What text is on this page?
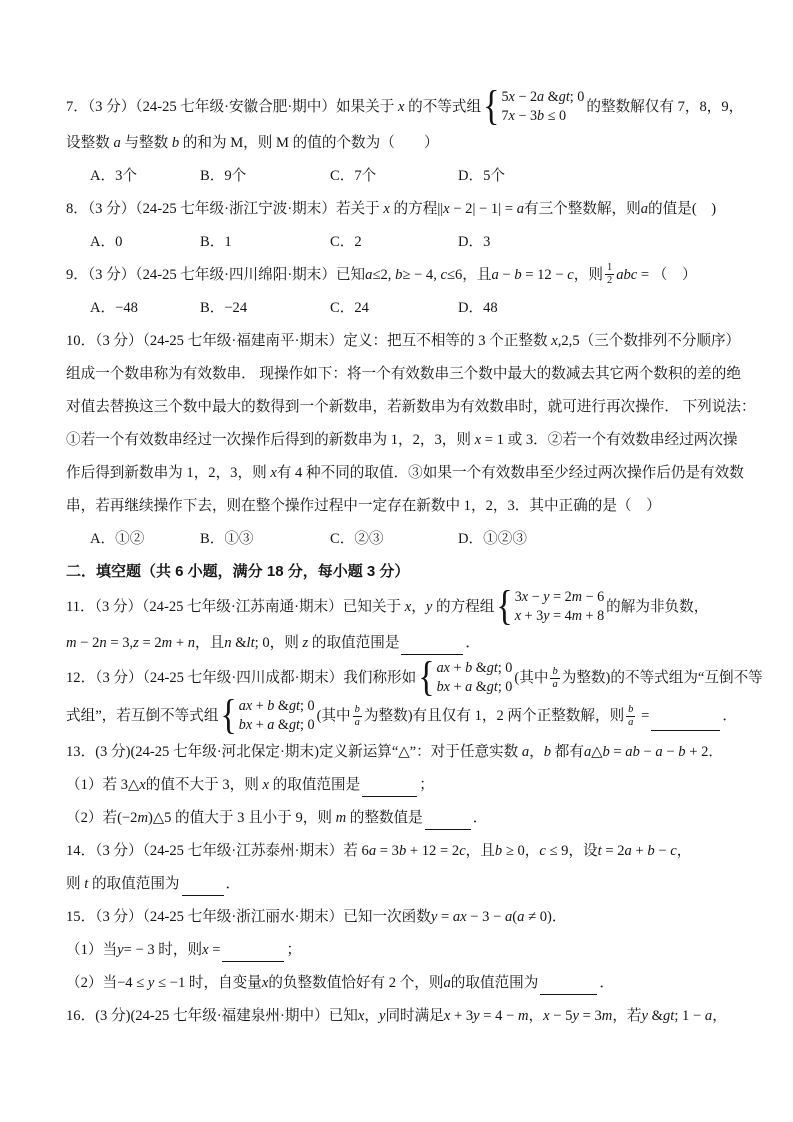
7．（3 分）（24-25 七年级·安徽合肥·期中）如果关于 x 的不等式组 { 5x − 2a &gt; 0
7x − 3b ≤ 0
的整数解仅有 7，8，9，
设整数 a 与整数 b 的和为 M，则 M 的值的个数为（　　）
A．3个	B．9个	C．7个	D．5个
8．（3 分）（24-25 七年级·浙江宁波·期末）若关于 x 的方程||x − 2| − 1| = a有三个整数解，则a的值是(　)
A．0	B．1	C．2	D．3
9．（3 分）（24-25 七年级·四川绵阳·期末）已知a≤2, b≥ − 4, c≤6，且a − b = 12 − c，则 $\frac{1}{2}$ abc = （　）
A．−48	B．−24	C．24	D．48
10．（3 分）（24-25 七年级·福建南平·期末）定义：把互不相等的 3 个正整数 x,2,5（三个数排列不分顺序）
组成一个数串称为有效数串． 现操作如下：将一个有效数串三个数中最大的数减去其它两个数积的差的绝
对值去替换这三个数中最大的数得到一个新数串，若新数串为有效数串时，就可进行再次操作． 下列说法：
①若一个有效数串经过一次操作后得到的新数串为 1，2，3，则 x = 1 或 3．②若一个有效数串经过两次操
作后得到新数串为 1，2，3，则 x有 4 种不同的取值．③如果一个有效数串至少经过两次操作后仍是有效数
串，若再继续操作下去，则在整个操作过程中一定存在新数中 1，2，3．其中正确的是（　）
A．①②	B．①③	C．②③	D．①②③
二．填空题（共 6 小题，满分 18 分，每小题 3 分）
11．（3 分）（24-25 七年级·江苏南通·期末）已知关于 x，y 的方程组 { 3x − y = 2m − 6
x + 3y = 4m + 8
的解为非负数，
m − 2n = 3,z = 2m + n，且n &lt; 0，则 z 的取值范围是	．
12．（3 分）（24-25 七年级·四川成都·期末）我们称形如 { ax + b &gt; 0
bx + a &gt; 0
(其中 $\frac{b}{a}$ 为整数)的不等式组为“互倒不等
式组”，若互倒不等式组 { ax + b &gt; 0
bx + a &gt; 0
(其中 $\frac{b}{a}$ 为整数)有且仅有 1，2 两个正整数解，则 $\frac{b}{a}$ =	．
13．(3 分)(24-25 七年级·河北保定·期末)定义新运算“△”：对于任意实数 a，b 都有a△b = ab − a − b + 2．
（1）若 3△x的值不大于 3，则 x 的取值范围是	；
（2）若(−2m)△5 的值大于 3 且小于 9，则 m 的整数值是	．
14．（3 分）（24-25 七年级·江苏泰州·期末）若 6a = 3b + 12 = 2c，且b ≥ 0，c ≤ 9，设t = 2a + b − c，
则 t 的取值范围为	．
15．（3 分）（24-25 七年级·浙江丽水·期末）已知一次函数y = ax − 3 − a(a ≠ 0)．
（1）当y= − 3 时，则x =	；
（2）当−4 ≤ y ≤ −1 时，自变量x的负整数值恰好有 2 个，则a的取值范围为	．
16．(3 分)(24-25 七年级·福建泉州·期中）已知x，y同时满足x + 3y = 4 − m，x − 5y = 3m，若y &gt; 1 − a，
